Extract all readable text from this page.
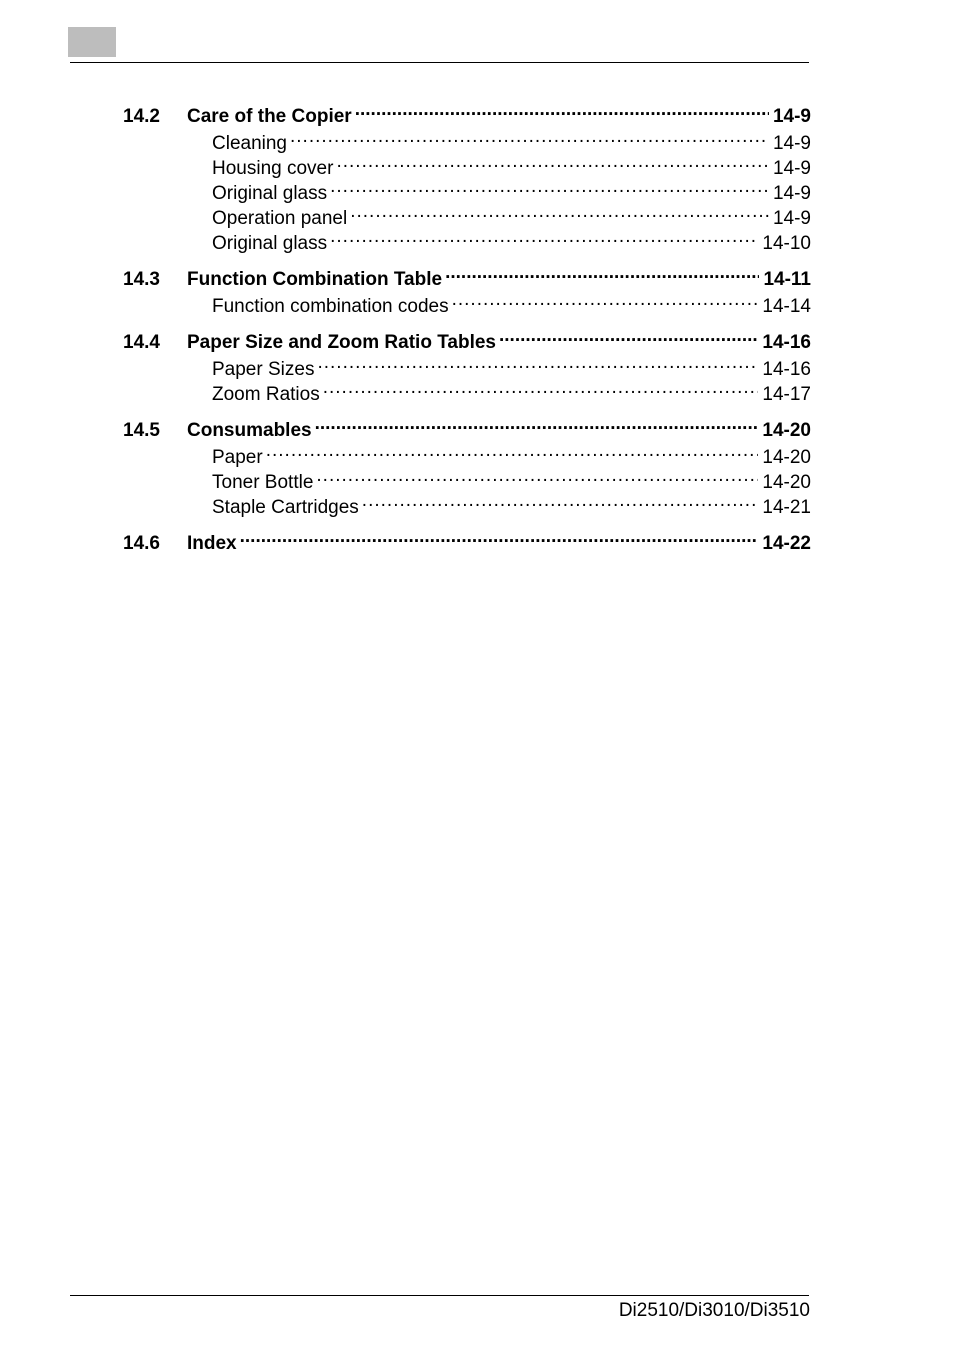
14.2	Care of the Copier .....	14-9
Cleaning .....	14-9
Housing cover .....	14-9
Original glass .....	14-9
Operation panel .....	14-9
Original glass .....	14-10
14.3	Function Combination Table .....	14-11
Function combination codes .....	14-14
14.4	Paper Size and Zoom Ratio Tables .....	14-16
Paper Sizes .....	14-16
Zoom Ratios .....	14-17
14.5	Consumables .....	14-20
Paper .....	14-20
Toner Bottle .....	14-20
Staple Cartridges .....	14-21
14.6	Index .....	14-22
Di2510/Di3010/Di3510
